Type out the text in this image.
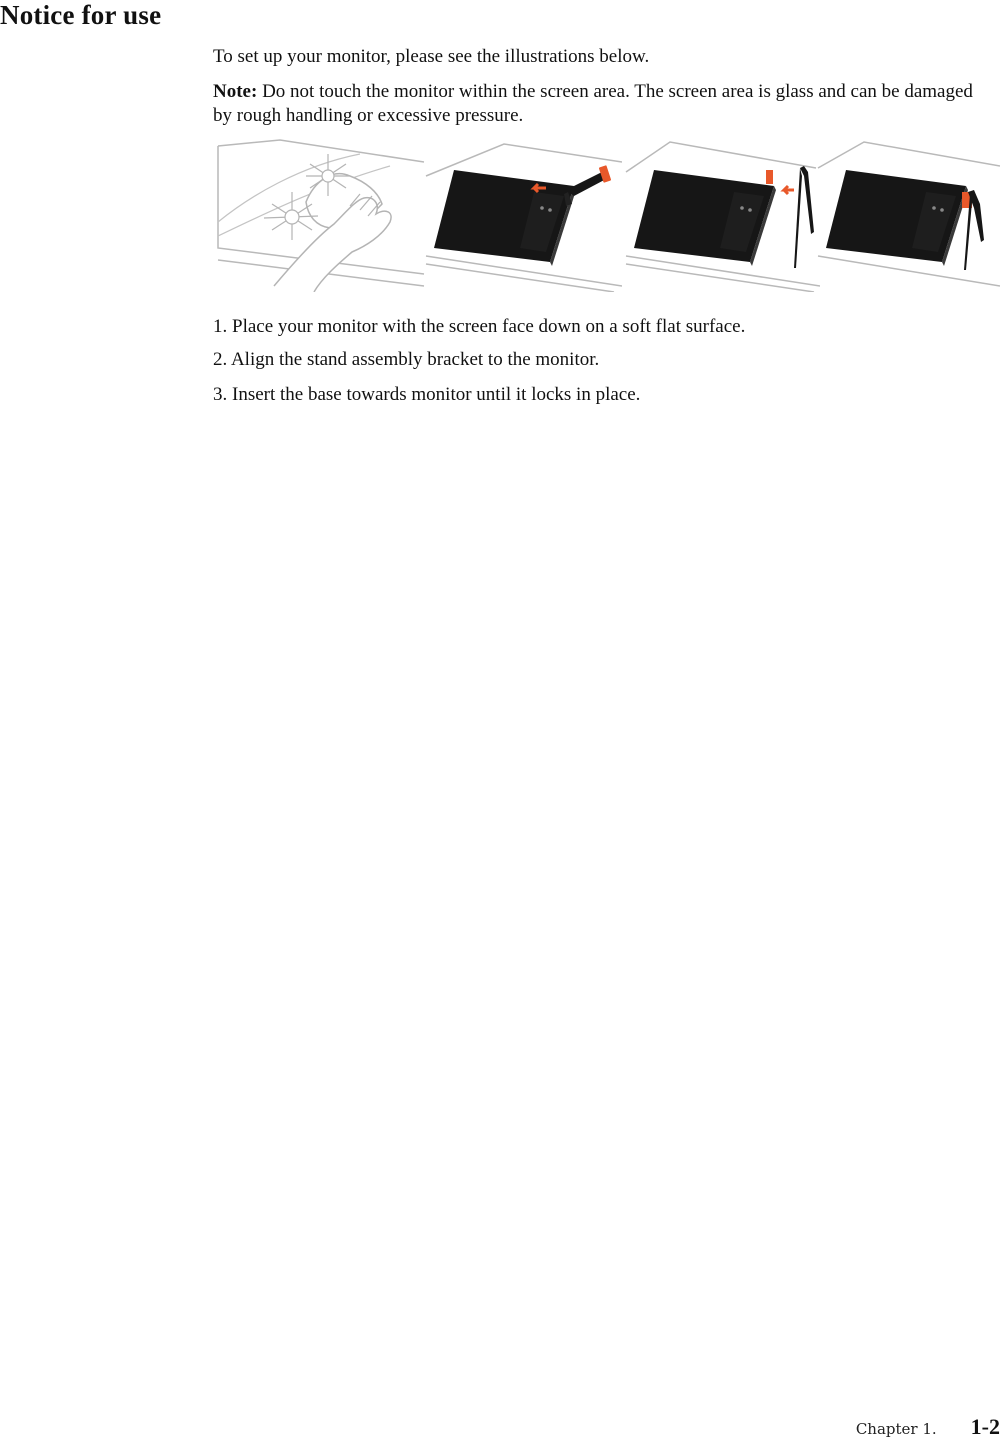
Notice for use

To set up your monitor, please see the illustrations below.

Note: Do not touch the monitor within the screen area. The screen area is glass and can be damaged by rough handling or excessive pressure.

1. Place your monitor with the screen face down on a soft flat surface.

2. Align the stand assembly bracket to the monitor.

3. Insert the base towards monitor until it locks in place.

Chapter 1. 1-2
